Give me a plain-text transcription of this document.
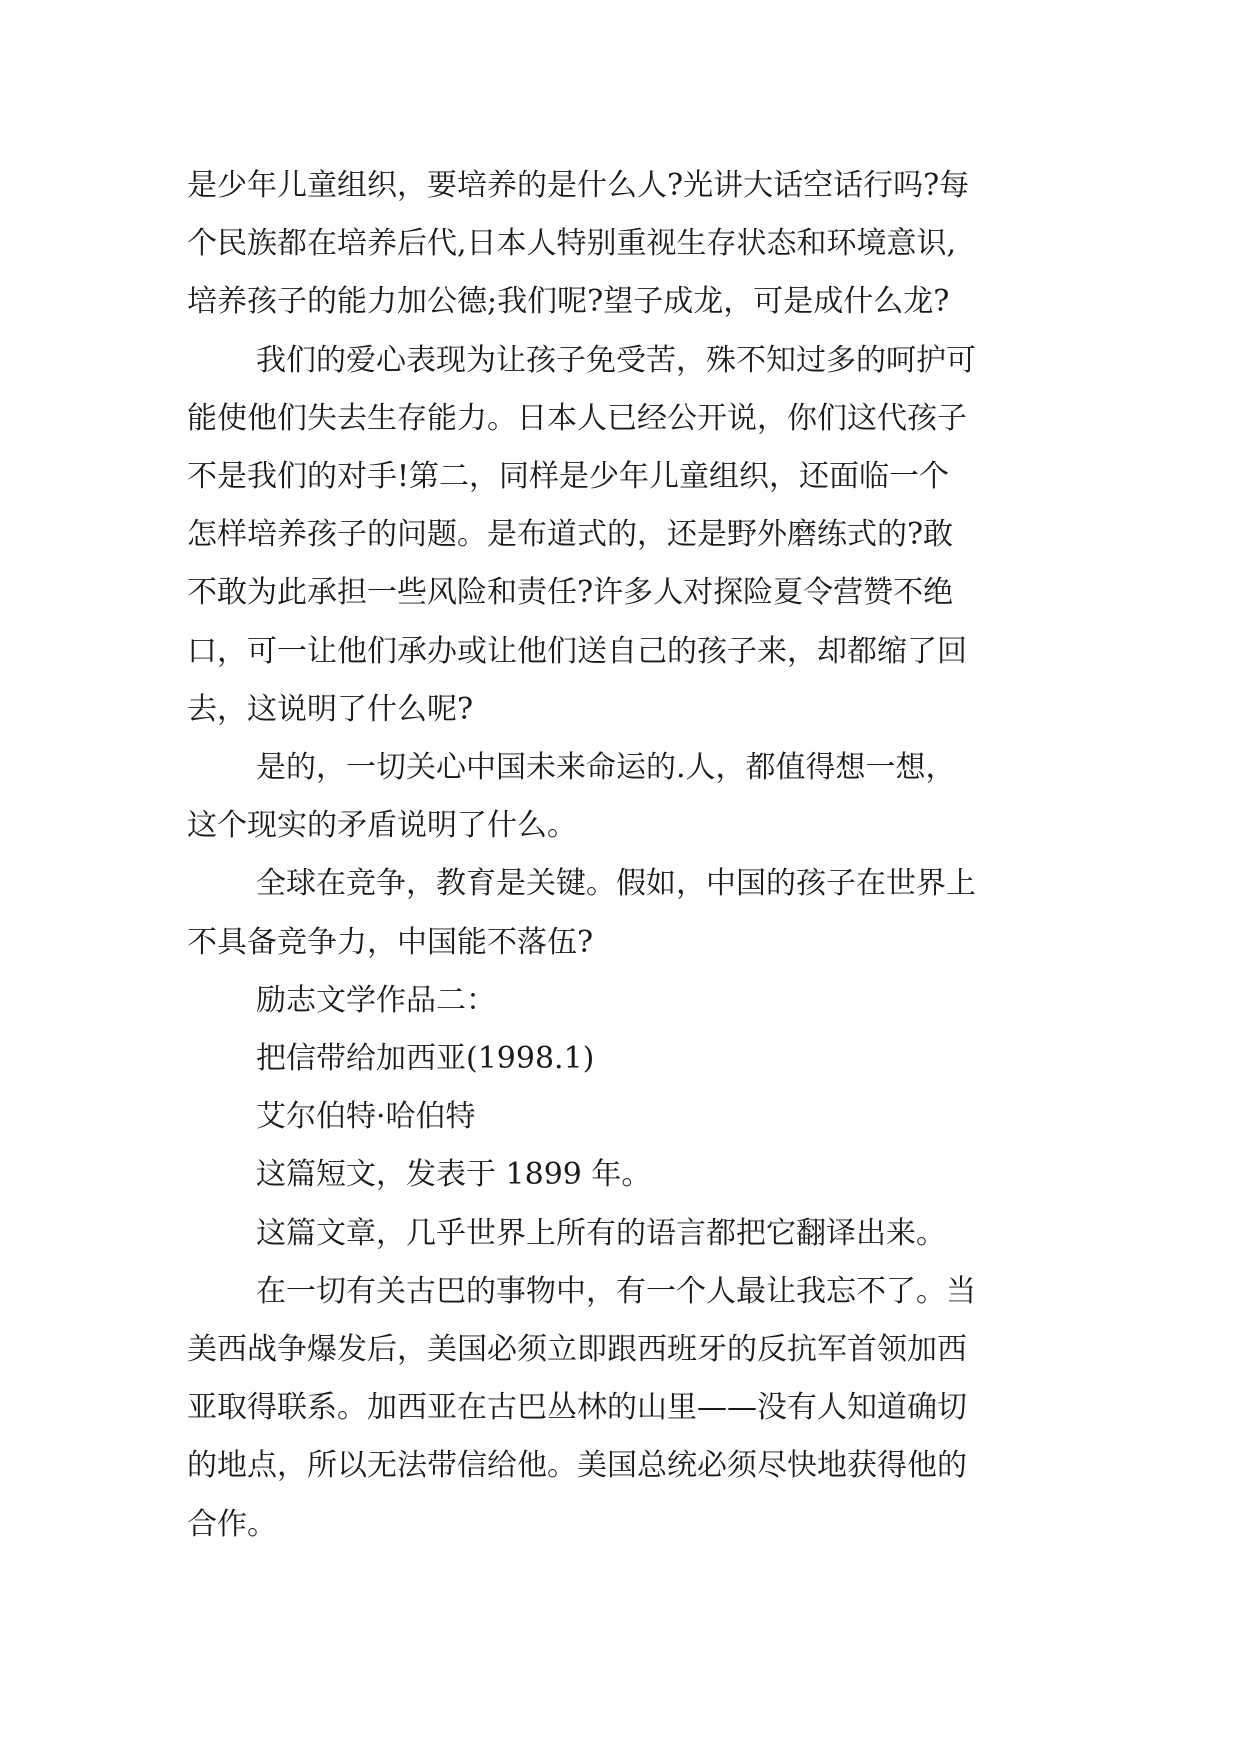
是少年儿童组织，要培养的是什么人?光讲大话空话行吗?每

个民族都在培养后代,日本人特别重视生存状态和环境意识,

培养孩子的能力加公德;我们呢?望子成龙，可是成什么龙?

我们的爱心表现为让孩子免受苦，殊不知过多的呵护可

能使他们失去生存能力。日本人已经公开说，你们这代孩子

不是我们的对手!第二，同样是少年儿童组织，还面临一个

怎样培养孩子的问题。是布道式的，还是野外磨练式的?敢

不敢为此承担一些风险和责任?许多人对探险夏令营赞不绝

口，可一让他们承办或让他们送自己的孩子来，却都缩了回

去，这说明了什么呢?

是的，一切关心中国未来命运的.人，都值得想一想，

这个现实的矛盾说明了什么。

全球在竞争，教育是关键。假如，中国的孩子在世界上

不具备竞争力，中国能不落伍?

励志文学作品二：

把信带给加西亚(1998.1)

艾尔伯特·哈伯特

这篇短文，发表于 1899 年。

这篇文章，几乎世界上所有的语言都把它翻译出来。

在一切有关古巴的事物中，有一个人最让我忘不了。当

美西战争爆发后，美国必须立即跟西班牙的反抗军首领加西

亚取得联系。加西亚在古巴丛林的山里——没有人知道确切

的地点，所以无法带信给他。美国总统必须尽快地获得他的

合作。
